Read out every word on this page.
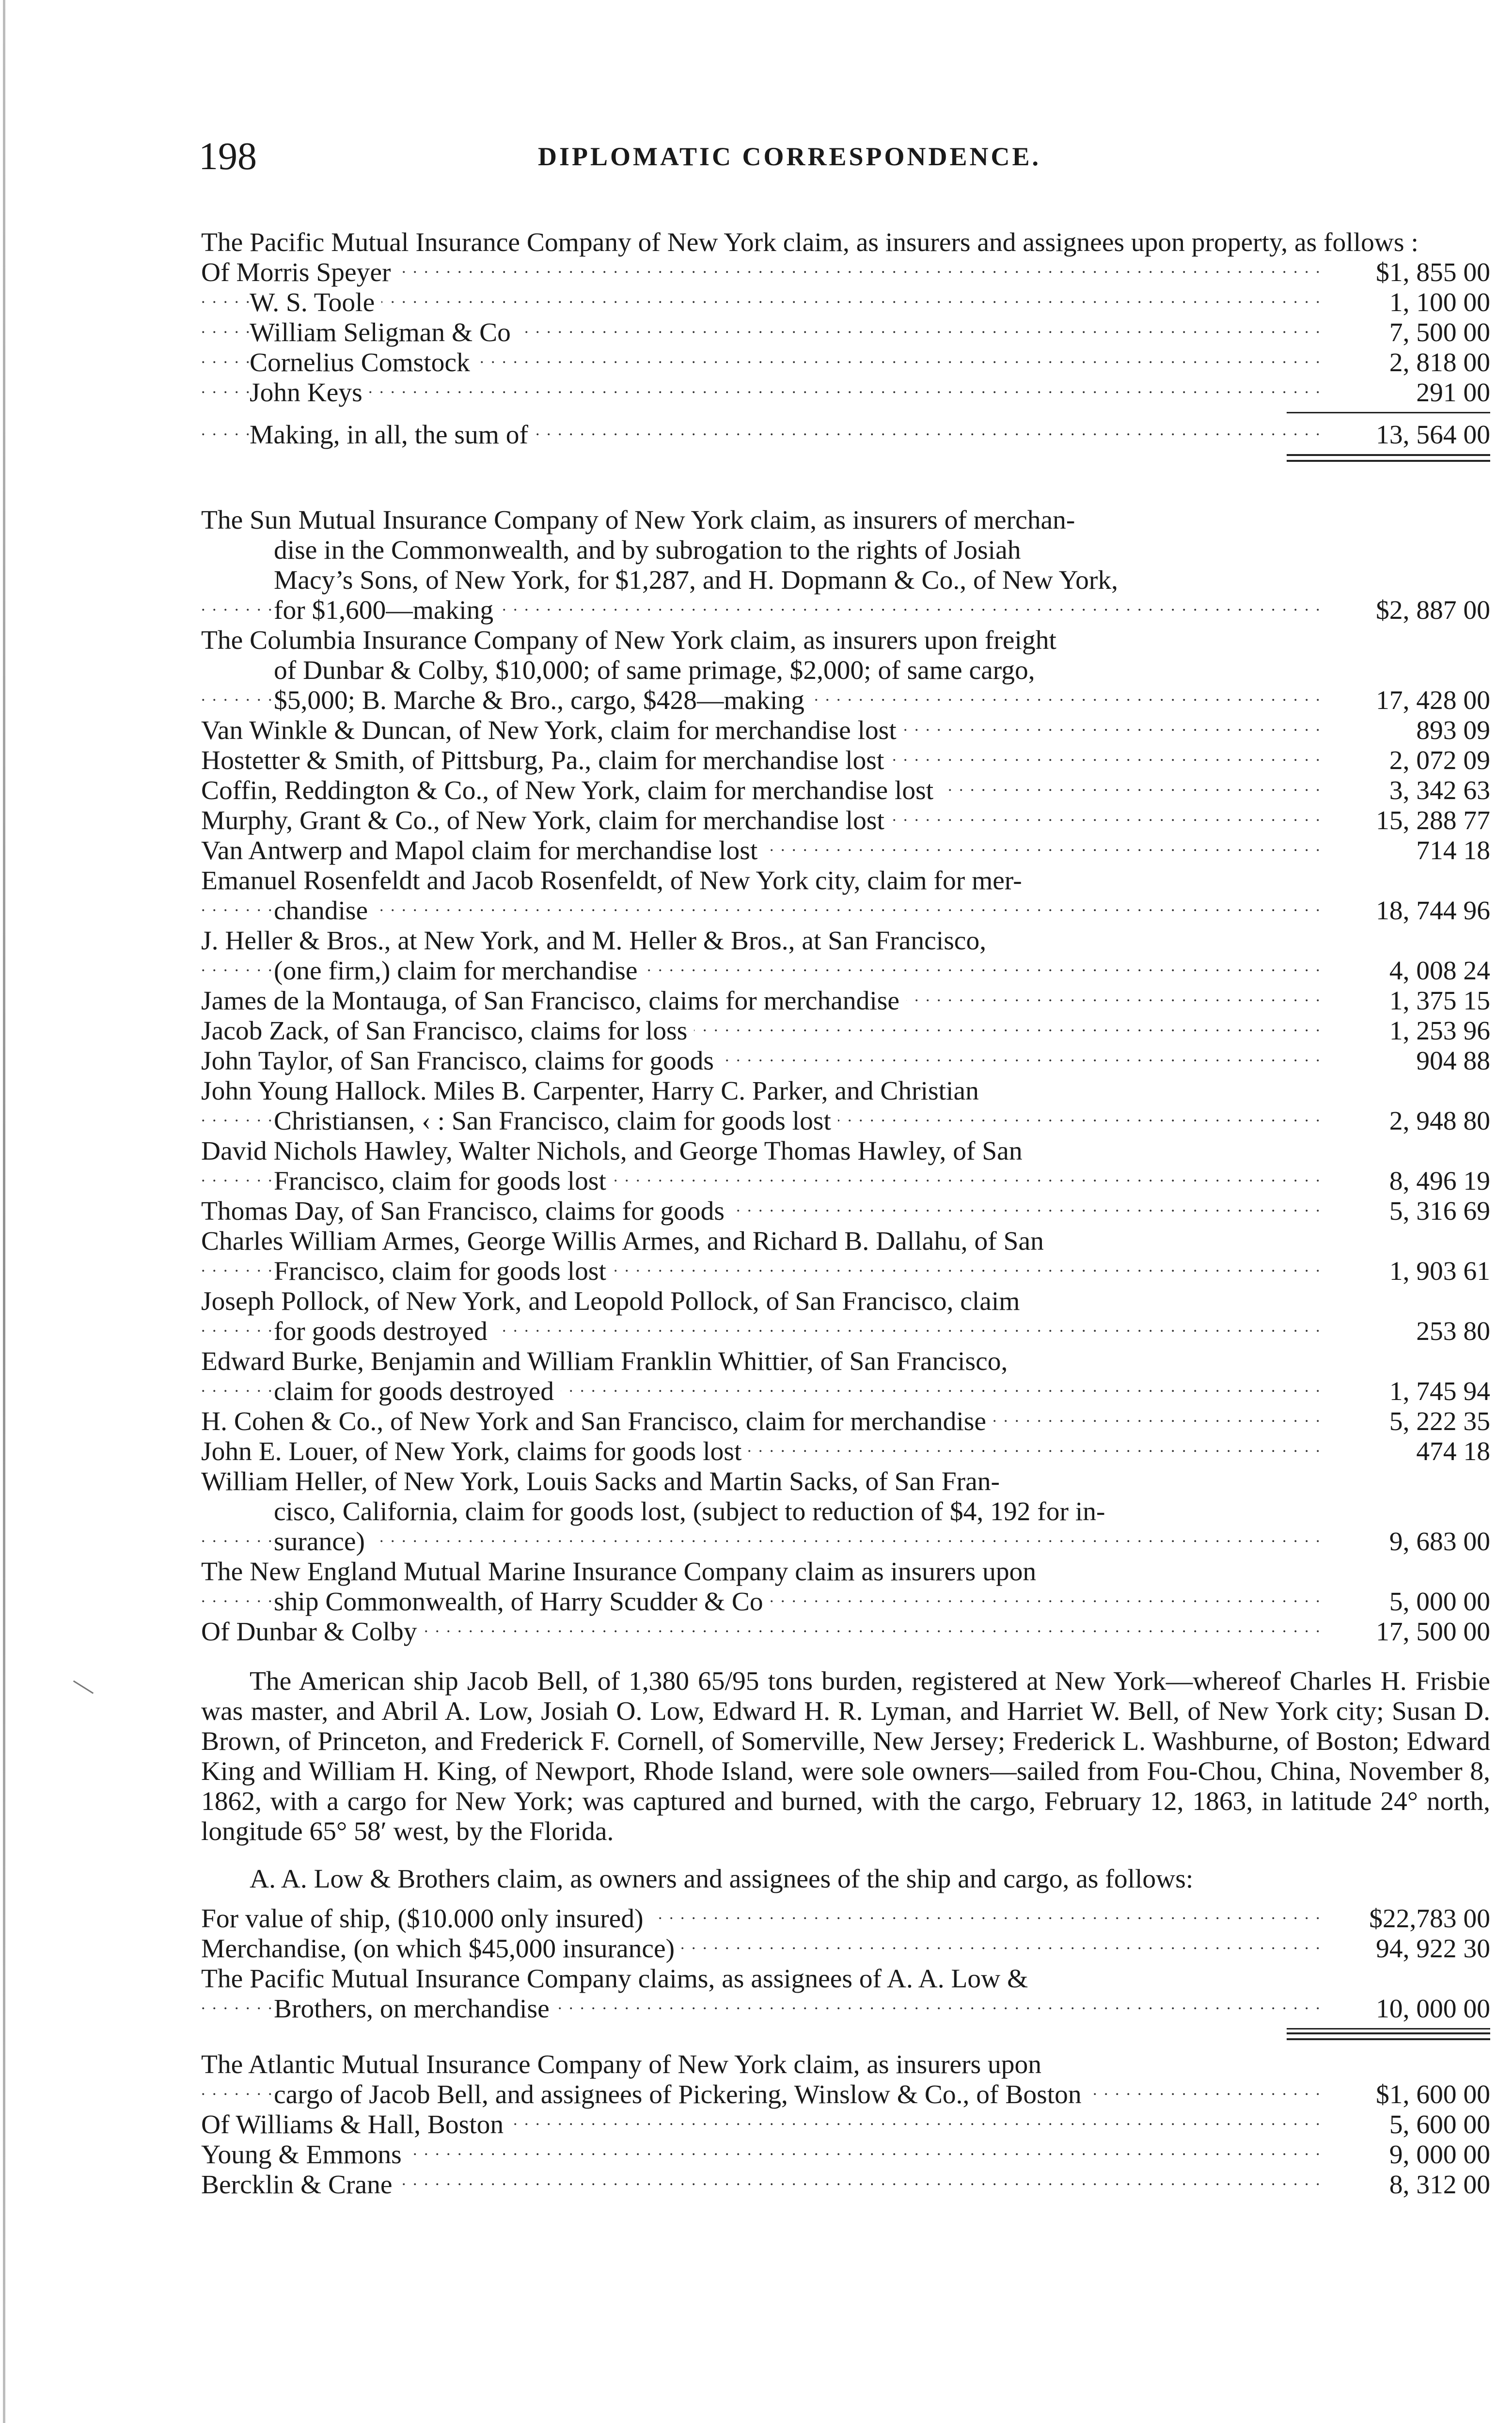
198	DIPLOMATIC CORRESPONDENCE.
The Pacific Mutual Insurance Company of New York claim, as insurers and assignees upon property, as follows :
Of Morris Speyer . . .	$1, 855 00
W. S. Toole . . .	1, 100 00
William Seligman & Co . . .	7, 500 00
Cornelius Comstock . . .	2, 818 00
John Keys . . .	291 00
Making, in all, the sum of . . .	13, 564 00
The Sun Mutual Insurance Company of New York claim, as insurers of merchan-
dise in the Commonwealth, and by subrogation to the rights of Josiah
Macy’s Sons, of New York, for $1,287, and H. Dopmann & Co., of New York,
for $1,600—making . . .	$2, 887 00
The Columbia Insurance Company of New York claim, as insurers upon freight
of Dunbar & Colby, $10,000; of same primage, $2,000; of same cargo,
$5,000; B. Marche & Bro., cargo, $428—making . . .	17, 428 00
Van Winkle & Duncan, of New York, claim for merchandise lost . . .	893 09
Hostetter & Smith, of Pittsburg, Pa., claim for merchandise lost . . .	2, 072 09
Coffin, Reddington & Co., of New York, claim for merchandise lost . . .	3, 342 63
Murphy, Grant & Co., of New York, claim for merchandise lost . . .	15, 288 77
Van Antwerp and Mapol claim for merchandise lost . . .	714 18
Emanuel Rosenfeldt and Jacob Rosenfeldt, of New York city, claim for mer-
chandise . . .	18, 744 96
J. Heller & Bros., at New York, and M. Heller & Bros., at San Francisco,
(one firm,) claim for merchandise . . .	4, 008 24
James de la Montauga, of San Francisco, claims for merchandise . . .	1, 375 15
Jacob Zack, of San Francisco, claims for loss . . .	1, 253 96
John Taylor, of San Francisco, claims for goods . . .	904 88
John Young Hallock. Miles B. Carpenter, Harry C. Parker, and Christian
Christiansen, ‹ : San Francisco, claim for goods lost . . .	2, 948 80
David Nichols Hawley, Walter Nichols, and George Thomas Hawley, of San
Francisco, claim for goods lost . . .	8, 496 19
Thomas Day, of San Francisco, claims for goods . . .	5, 316 69
Charles William Armes, George Willis Armes, and Richard B. Dallahu, of San
Francisco, claim for goods lost . . .	1, 903 61
Joseph Pollock, of New York, and Leopold Pollock, of San Francisco, claim
for goods destroyed . . .	253 80
Edward Burke, Benjamin and William Franklin Whittier, of San Francisco,
claim for goods destroyed . . .	1, 745 94
H. Cohen & Co., of New York and San Francisco, claim for merchandise . . .	5, 222 35
John E. Louer, of New York, claims for goods lost . . .	474 18
William Heller, of New York, Louis Sacks and Martin Sacks, of San Fran-
cisco, California, claim for goods lost, (subject to reduction of $4, 192 for in-
surance) . . .	9, 683 00
The New England Mutual Marine Insurance Company claim as insurers upon
ship Commonwealth, of Harry Scudder & Co . . .	5, 000 00
Of Dunbar & Colby . . .	17, 500 00

The American ship Jacob Bell, of 1,380 65/95 tons burden, registered at New York—whereof Charles H. Frisbie was master, and Abril A. Low, Josiah O. Low, Edward H. R. Lyman, and Harriet W. Bell, of New York city; Susan D. Brown, of Princeton, and Frederick F. Cornell, of Somerville, New Jersey; Frederick L. Washburne, of Boston; Edward King and William H. King, of Newport, Rhode Island, were sole owners—sailed from Fou-Chou, China, November 8, 1862, with a cargo for New York; was captured and burned, with the cargo, February 12, 1863, in latitude 24° north, longitude 65° 58′ west, by the Florida.

A. A. Low & Brothers claim, as owners and assignees of the ship and cargo, as follows:
For value of ship, ($10.000 only insured) . . .	$22,783 00
Merchandise, (on which $45,000 insurance) . . .	94, 922 30
The Pacific Mutual Insurance Company claims, as assignees of A. A. Low &
Brothers, on merchandise . . .	10, 000 00
The Atlantic Mutual Insurance Company of New York claim, as insurers upon
cargo of Jacob Bell, and assignees of Pickering, Winslow & Co., of Boston . . .	$1, 600 00
Of Williams & Hall, Boston . . .	5, 600 00
Young & Emmons . . .	9, 000 00
Bercklin & Crane . . .	8, 312 00
